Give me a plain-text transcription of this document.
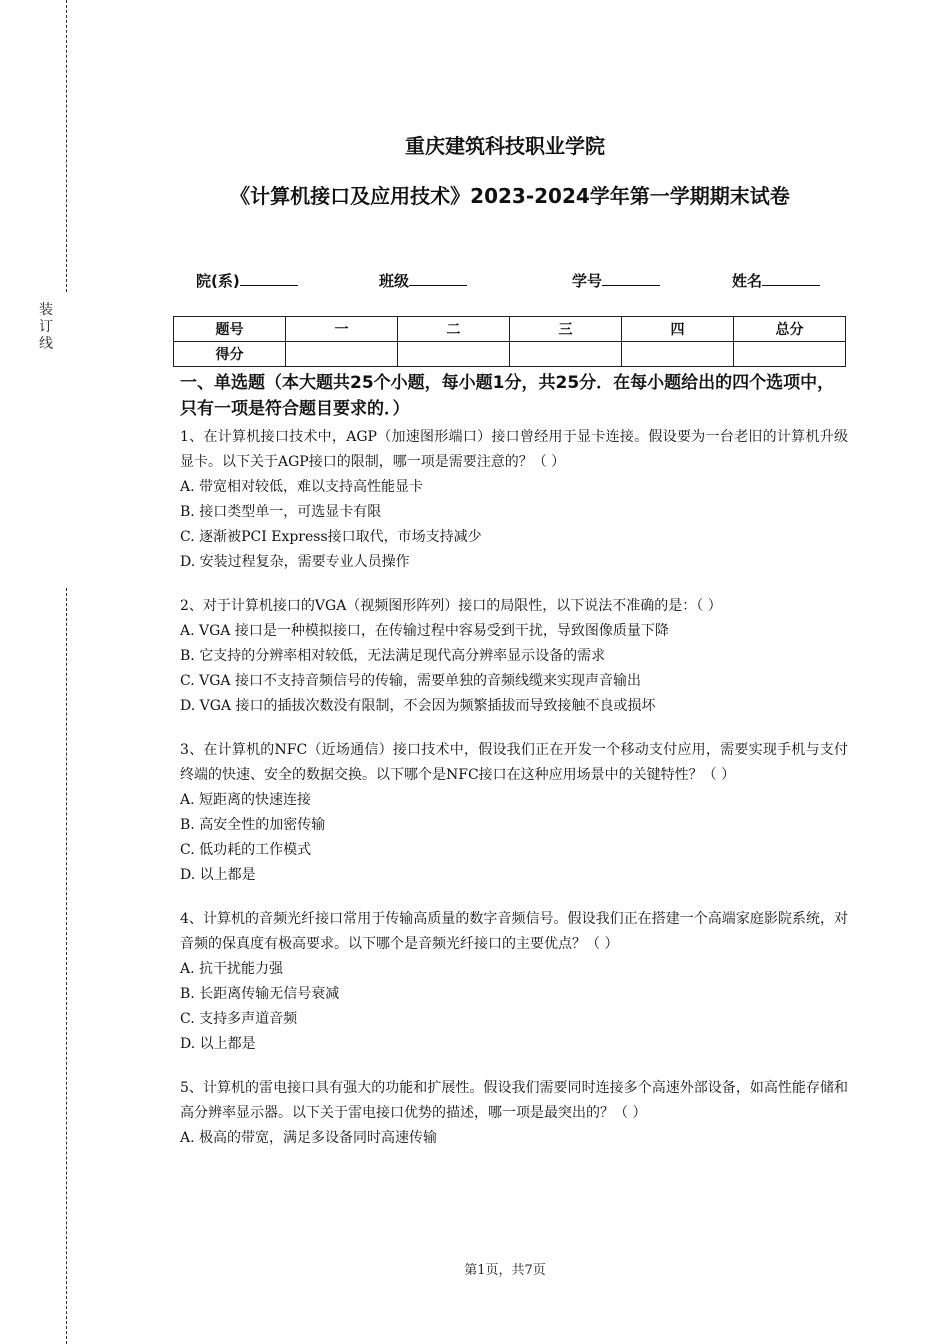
装
订
线
重庆建筑科技职业学院
《计算机接口及应用技术》2023-2024学年第一学期期末试卷
院(系)	班级	学号	姓名
题号	一	二	三	四	总分
得分					

一、单选题（本大题共25个小题，每小题1分，共25分．在每小题给出的四个选项中，只有一项是符合题目要求的．）

1、在计算机接口技术中，AGP（加速图形端口）接口曾经用于显卡连接。假设要为一台老旧的计算机升级显卡。以下关于AGP接口的限制，哪一项是需要注意的？（ ）

A. 带宽相对较低，难以支持高性能显卡

B. 接口类型单一，可选显卡有限

C. 逐渐被PCI Express接口取代，市场支持减少

D. 安装过程复杂，需要专业人员操作

2、对于计算机接口的VGA（视频图形阵列）接口的局限性，以下说法不准确的是：（ ）

A. VGA 接口是一种模拟接口，在传输过程中容易受到干扰，导致图像质量下降

B. 它支持的分辨率相对较低，无法满足现代高分辨率显示设备的需求

C. VGA 接口不支持音频信号的传输，需要单独的音频线缆来实现声音输出

D. VGA 接口的插拔次数没有限制，不会因为频繁插拔而导致接触不良或损坏

3、在计算机的NFC（近场通信）接口技术中，假设我们正在开发一个移动支付应用，需要实现手机与支付终端的快速、安全的数据交换。以下哪个是NFC接口在这种应用场景中的关键特性？（ ）

A. 短距离的快速连接

B. 高安全性的加密传输

C. 低功耗的工作模式

D. 以上都是

4、计算机的音频光纤接口常用于传输高质量的数字音频信号。假设我们正在搭建一个高端家庭影院系统，对音频的保真度有极高要求。以下哪个是音频光纤接口的主要优点？（ ）

A. 抗干扰能力强

B. 长距离传输无信号衰减

C. 支持多声道音频

D. 以上都是

5、计算机的雷电接口具有强大的功能和扩展性。假设我们需要同时连接多个高速外部设备，如高性能存储和高分辨率显示器。以下关于雷电接口优势的描述，哪一项是最突出的？（ ）

A. 极高的带宽，满足多设备同时高速传输

第1页，共7页
